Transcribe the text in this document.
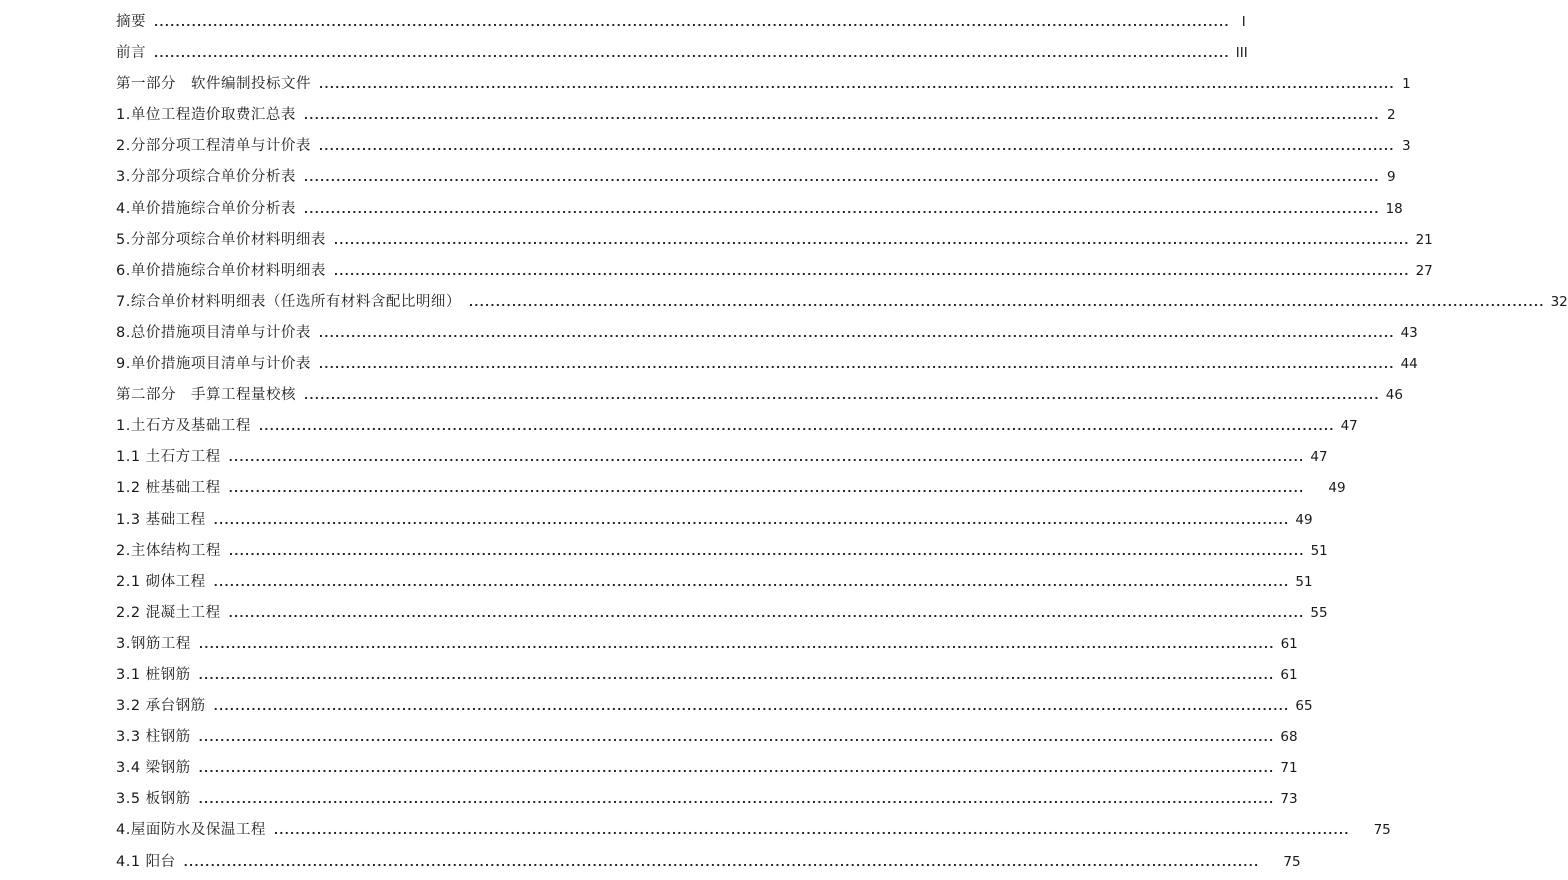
摘要 ........................................................................................................................................................................................................ I
前言 ........................................................................................................................................................................................................ III
第一部分　软件编制投标文件 ........................................................................................................................................................................................................ 1
1.单位工程造价取费汇总表 ........................................................................................................................................................................................................ 2
2.分部分项工程清单与计价表 ........................................................................................................................................................................................................ 3
3.分部分项综合单价分析表 ........................................................................................................................................................................................................ 9
4.单价措施综合单价分析表 ........................................................................................................................................................................................................ 18
5.分部分项综合单价材料明细表 ........................................................................................................................................................................................................ 21
6.单价措施综合单价材料明细表 ........................................................................................................................................................................................................ 27
7.综合单价材料明细表（任选所有材料含配比明细） ........................................................................................................................................................................................................ 32
8.总价措施项目清单与计价表 ........................................................................................................................................................................................................ 43
9.单价措施项目清单与计价表 ........................................................................................................................................................................................................ 44
第二部分　手算工程量校核 ........................................................................................................................................................................................................ 46
1.土石方及基础工程 ........................................................................................................................................................................................................ 47
1.1 土石方工程 ........................................................................................................................................................................................................ 47
1.2 桩基础工程 ........................................................................................................................................................................................................ 49
1.3 基础工程 ........................................................................................................................................................................................................ 49
2.主体结构工程 ........................................................................................................................................................................................................ 51
2.1 砌体工程 ........................................................................................................................................................................................................ 51
2.2 混凝土工程 ........................................................................................................................................................................................................ 55
3.钢筋工程 ........................................................................................................................................................................................................ 61
3.1 桩钢筋 ........................................................................................................................................................................................................ 61
3.2 承台钢筋 ........................................................................................................................................................................................................ 65
3.3 柱钢筋 ........................................................................................................................................................................................................ 68
3.4 梁钢筋 ........................................................................................................................................................................................................ 71
3.5 板钢筋 ........................................................................................................................................................................................................ 73
4.屋面防水及保温工程 ........................................................................................................................................................................................................ 75
4.1 阳台 ........................................................................................................................................................................................................ 75
